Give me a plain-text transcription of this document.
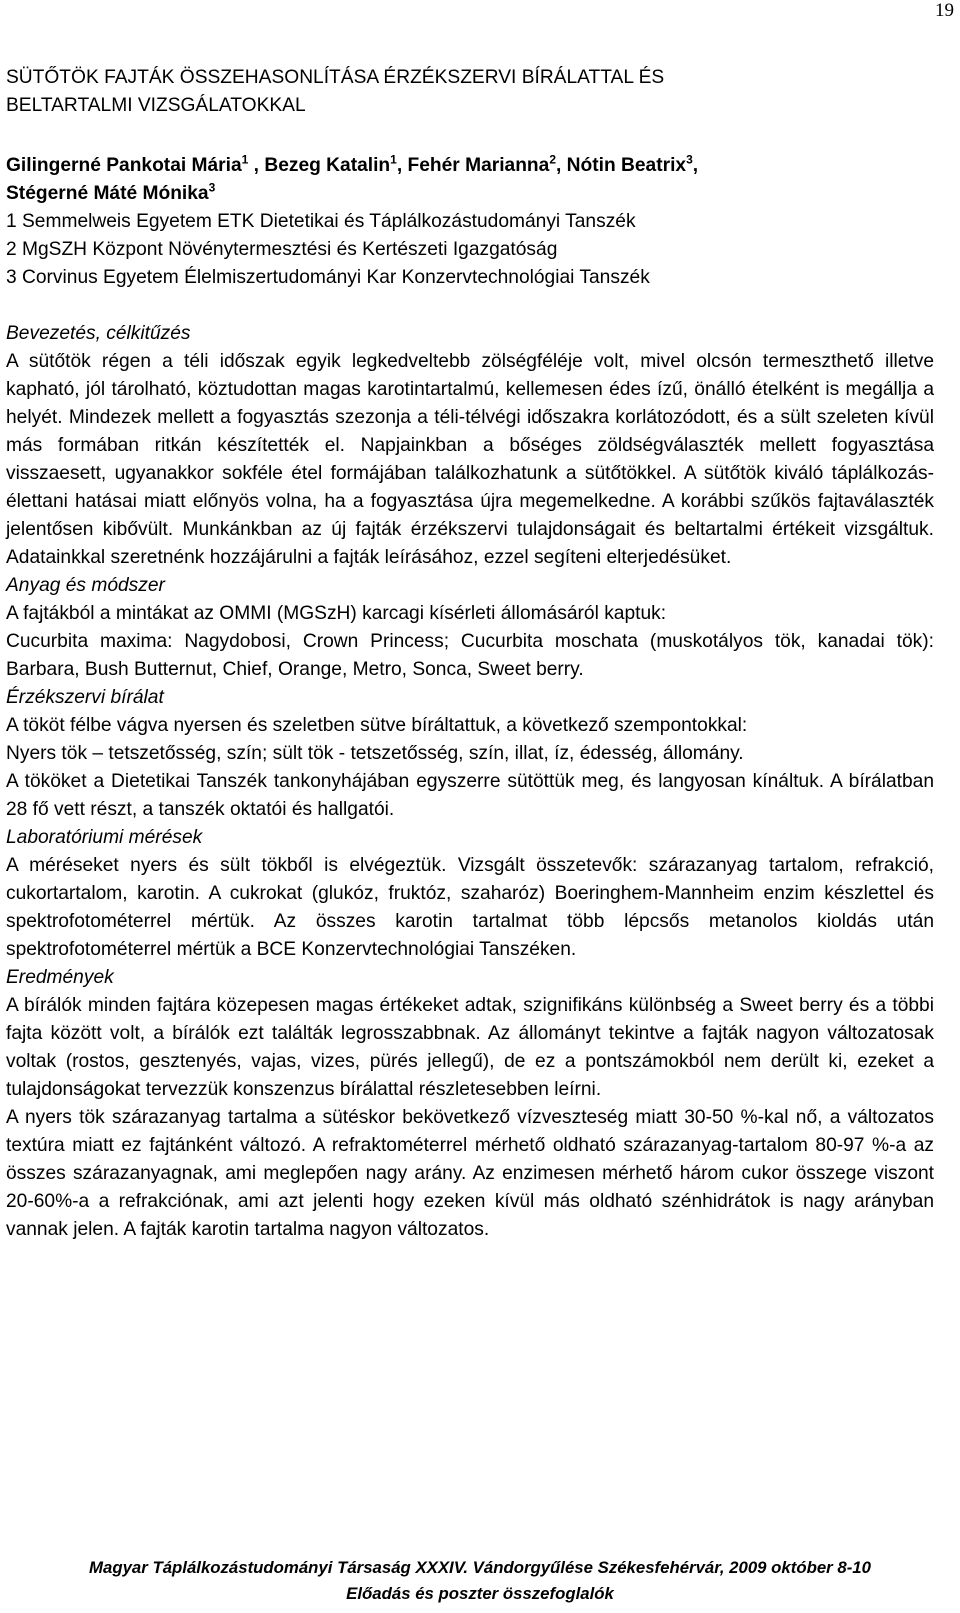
19
SÜTŐTÖK FAJTÁK ÖSSZEHASONLÍTÁSA ÉRZÉKSZERVI BÍRÁLATTAL ÉS
BELTARTALMI VIZSGÁLATOKKAL
Gilingerné Pankotai Mária$^1$ , Bezeg Katalin$^1$, Fehér Marianna$^2$, Nótin Beatrix$^3$,
Stégerné Máté Mónika$^3$

1 Semmelweis Egyetem ETK Dietetikai és Táplálkozástudományi Tanszék

2 MgSZH Központ Növénytermesztési és Kertészeti Igazgatóság

3 Corvinus Egyetem Élelmiszertudományi Kar Konzervtechnológiai Tanszék

Bevezetés, célkitűzés

A sütőtök régen a téli időszak egyik legkedveltebb zölségféléje volt, mivel olcsón termeszthető illetve kapható, jól tárolható, köztudottan magas karotintartalmú, kellemesen édes ízű, önálló ételként is megállja a helyét. Mindezek mellett a fogyasztás szezonja a téli-télvégi időszakra korlátozódott, és a sült szeleten kívül más formában ritkán készítették el. Napjainkban a bőséges zöldségválaszték mellett fogyasztása visszaesett, ugyanakkor sokféle étel formájában találkozhatunk a sütőtökkel. A sütőtök kiváló táplálkozás-élettani hatásai miatt előnyös volna, ha a fogyasztása újra megemelkedne. A korábbi szűkös fajtaválaszték jelentősen kibővült. Munkánkban az új fajták érzékszervi tulajdonságait és beltartalmi értékeit vizsgáltuk. Adatainkkal szeretnénk hozzájárulni a fajták leírásához, ezzel segíteni elterjedésüket.

Anyag és módszer

A fajtákból a mintákat az OMMI (MGSzH) karcagi kísérleti állomásáról kaptuk:

Cucurbita maxima: Nagydobosi, Crown Princess; Cucurbita moschata (muskotályos tök, kanadai tök): Barbara, Bush Butternut, Chief, Orange, Metro, Sonca, Sweet berry.

Érzékszervi bírálat

A tököt félbe vágva nyersen és szeletben sütve bíráltattuk, a következő szempontokkal:

Nyers tök – tetszetősség, szín; sült tök - tetszetősség, szín, illat, íz, édesség, állomány.

A tököket a Dietetikai Tanszék tankonyhájában egyszerre sütöttük meg, és langyosan kínáltuk. A bírálatban 28 fő vett részt, a tanszék oktatói és hallgatói.

Laboratóriumi mérések

A méréseket nyers és sült tökből is elvégeztük. Vizsgált összetevők: szárazanyag tartalom, refrakció, cukortartalom, karotin. A cukrokat (glukóz, fruktóz, szaharóz) Boeringhem-Mannheim enzim készlettel és spektrofotométerrel mértük. Az összes karotin tartalmat több lépcsős metanolos kioldás után spektrofotométerrel mértük a BCE Konzervtechnológiai Tanszéken.

Eredmények

A bírálók minden fajtára közepesen magas értékeket adtak, szignifikáns különbség a Sweet berry és a többi fajta között volt, a bírálók ezt találták legrosszabbnak. Az állományt tekintve a fajták nagyon változatosak voltak (rostos, gesztenyés, vajas, vizes, pürés jellegű), de ez a pontszámokból nem derült ki, ezeket a tulajdonságokat tervezzük konszenzus bírálattal részletesebben leírni.

A nyers tök szárazanyag tartalma a sütéskor bekövetkező vízveszteség miatt 30-50 %-kal nő, a változatos textúra miatt ez fajtánként változó. A refraktométerrel mérhető oldható szárazanyag-tartalom 80-97 %-a az összes szárazanyagnak, ami meglepően nagy arány. Az enzimesen mérhető három cukor összege viszont 20-60%-a a refrakciónak, ami azt jelenti hogy ezeken kívül más oldható szénhidrátok is nagy arányban vannak jelen. A fajták karotin tartalma nagyon változatos.

Magyar Táplálkozástudományi Társaság XXXIV. Vándorgyűlése Székesfehérvár, 2009 október 8-10
Előadás és poszter összefoglalók
